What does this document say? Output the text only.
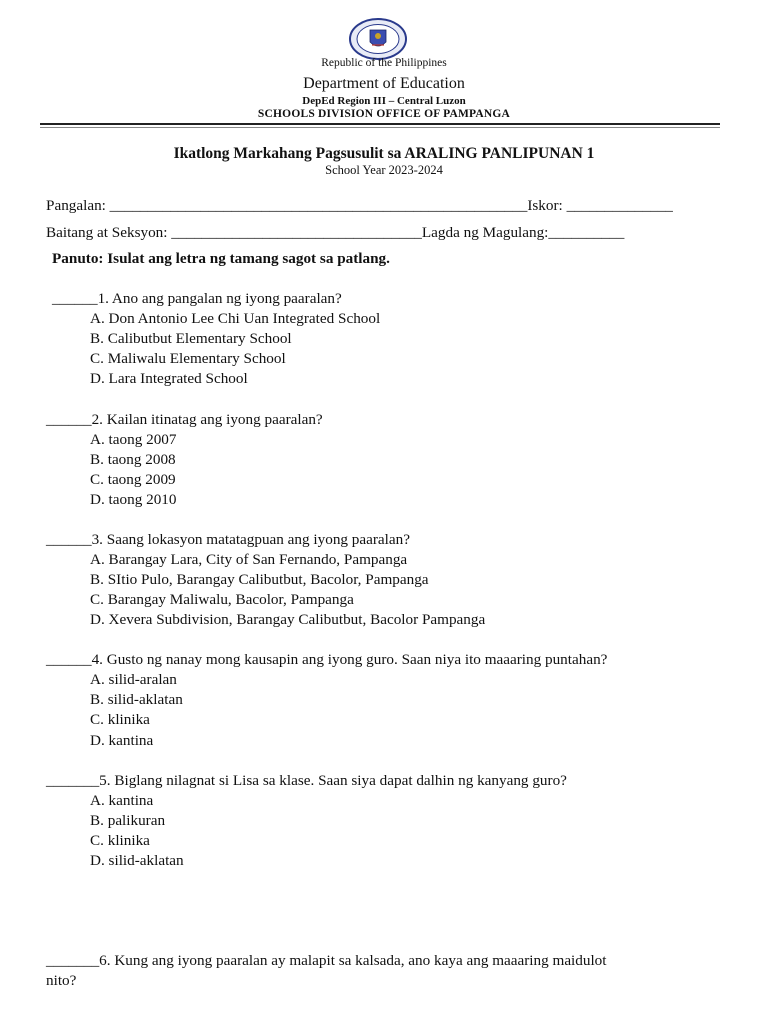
Republic of the Philippines
Department of Education
DepEd Region III – Central Luzon
SCHOOLS DIVISION OFFICE OF PAMPANGA
Ikatlong Markahang Pagsusulit sa ARALING PANLIPUNAN 1
School Year 2023-2024
Pangalan: _______________________________________________________Iskor: ______________
Baitang at Seksyon: _________________________________Lagda ng Magulang:__________
Panuto: Isulat ang letra ng tamang sagot sa patlang.
______1. Ano ang pangalan ng iyong paaralan?
A. Don Antonio Lee Chi Uan Integrated School
B. Calibutbut Elementary School
C. Maliwalu Elementary School
D. Lara Integrated School
______2. Kailan itinatag ang iyong paaralan?
A. taong 2007
B. taong 2008
C. taong 2009
D. taong 2010
______3. Saang lokasyon matatagpuan ang iyong paaralan?
A. Barangay Lara, City of San Fernando, Pampanga
B. SItio Pulo, Barangay Calibutbut, Bacolor, Pampanga
C. Barangay Maliwalu, Bacolor, Pampanga
D. Xevera Subdivision, Barangay Calibutbut, Bacolor Pampanga
______4. Gusto ng nanay mong kausapin ang iyong guro. Saan niya ito maaaring puntahan?
A. silid-aralan
B. silid-aklatan
C. klinika
D. kantina
_______5. Biglang nilagnat si Lisa sa klase. Saan siya dapat dalhin ng kanyang guro?
A. kantina
B. palikuran
C. klinika
D. silid-aklatan
_______6. Kung ang iyong paaralan ay malapit sa kalsada, ano kaya ang maaaring maidulot
nito?
